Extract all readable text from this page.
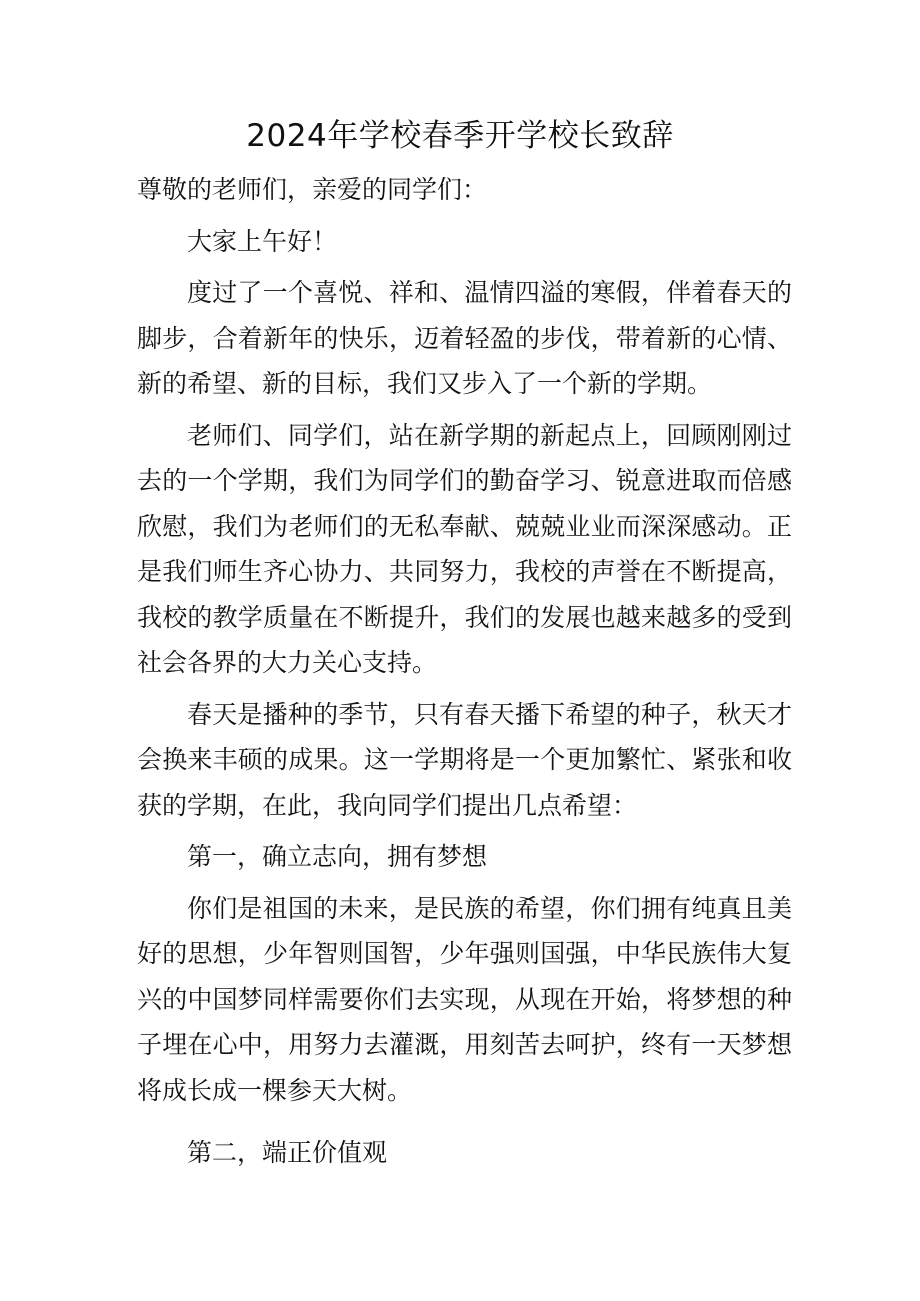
2024年学校春季开学校长致辞

尊敬的老师们，亲爱的同学们：

大家上午好！

度过了一个喜悦、祥和、温情四溢的寒假，伴着春天的脚步，合着新年的快乐，迈着轻盈的步伐，带着新的心情、新的希望、新的目标，我们又步入了一个新的学期。

老师们、同学们，站在新学期的新起点上，回顾刚刚过去的一个学期，我们为同学们的勤奋学习、锐意进取而倍感欣慰，我们为老师们的无私奉献、兢兢业业而深深感动。正是我们师生齐心协力、共同努力，我校的声誉在不断提高，我校的教学质量在不断提升，我们的发展也越来越多的受到社会各界的大力关心支持。

春天是播种的季节，只有春天播下希望的种子，秋天才会换来丰硕的成果。这一学期将是一个更加繁忙、紧张和收获的学期，在此，我向同学们提出几点希望：

第一，确立志向，拥有梦想

你们是祖国的未来，是民族的希望，你们拥有纯真且美好的思想，少年智则国智，少年强则国强，中华民族伟大复兴的中国梦同样需要你们去实现，从现在开始，将梦想的种子埋在心中，用努力去灌溉，用刻苦去呵护，终有一天梦想将成长成一棵参天大树。

第二，端正价值观
